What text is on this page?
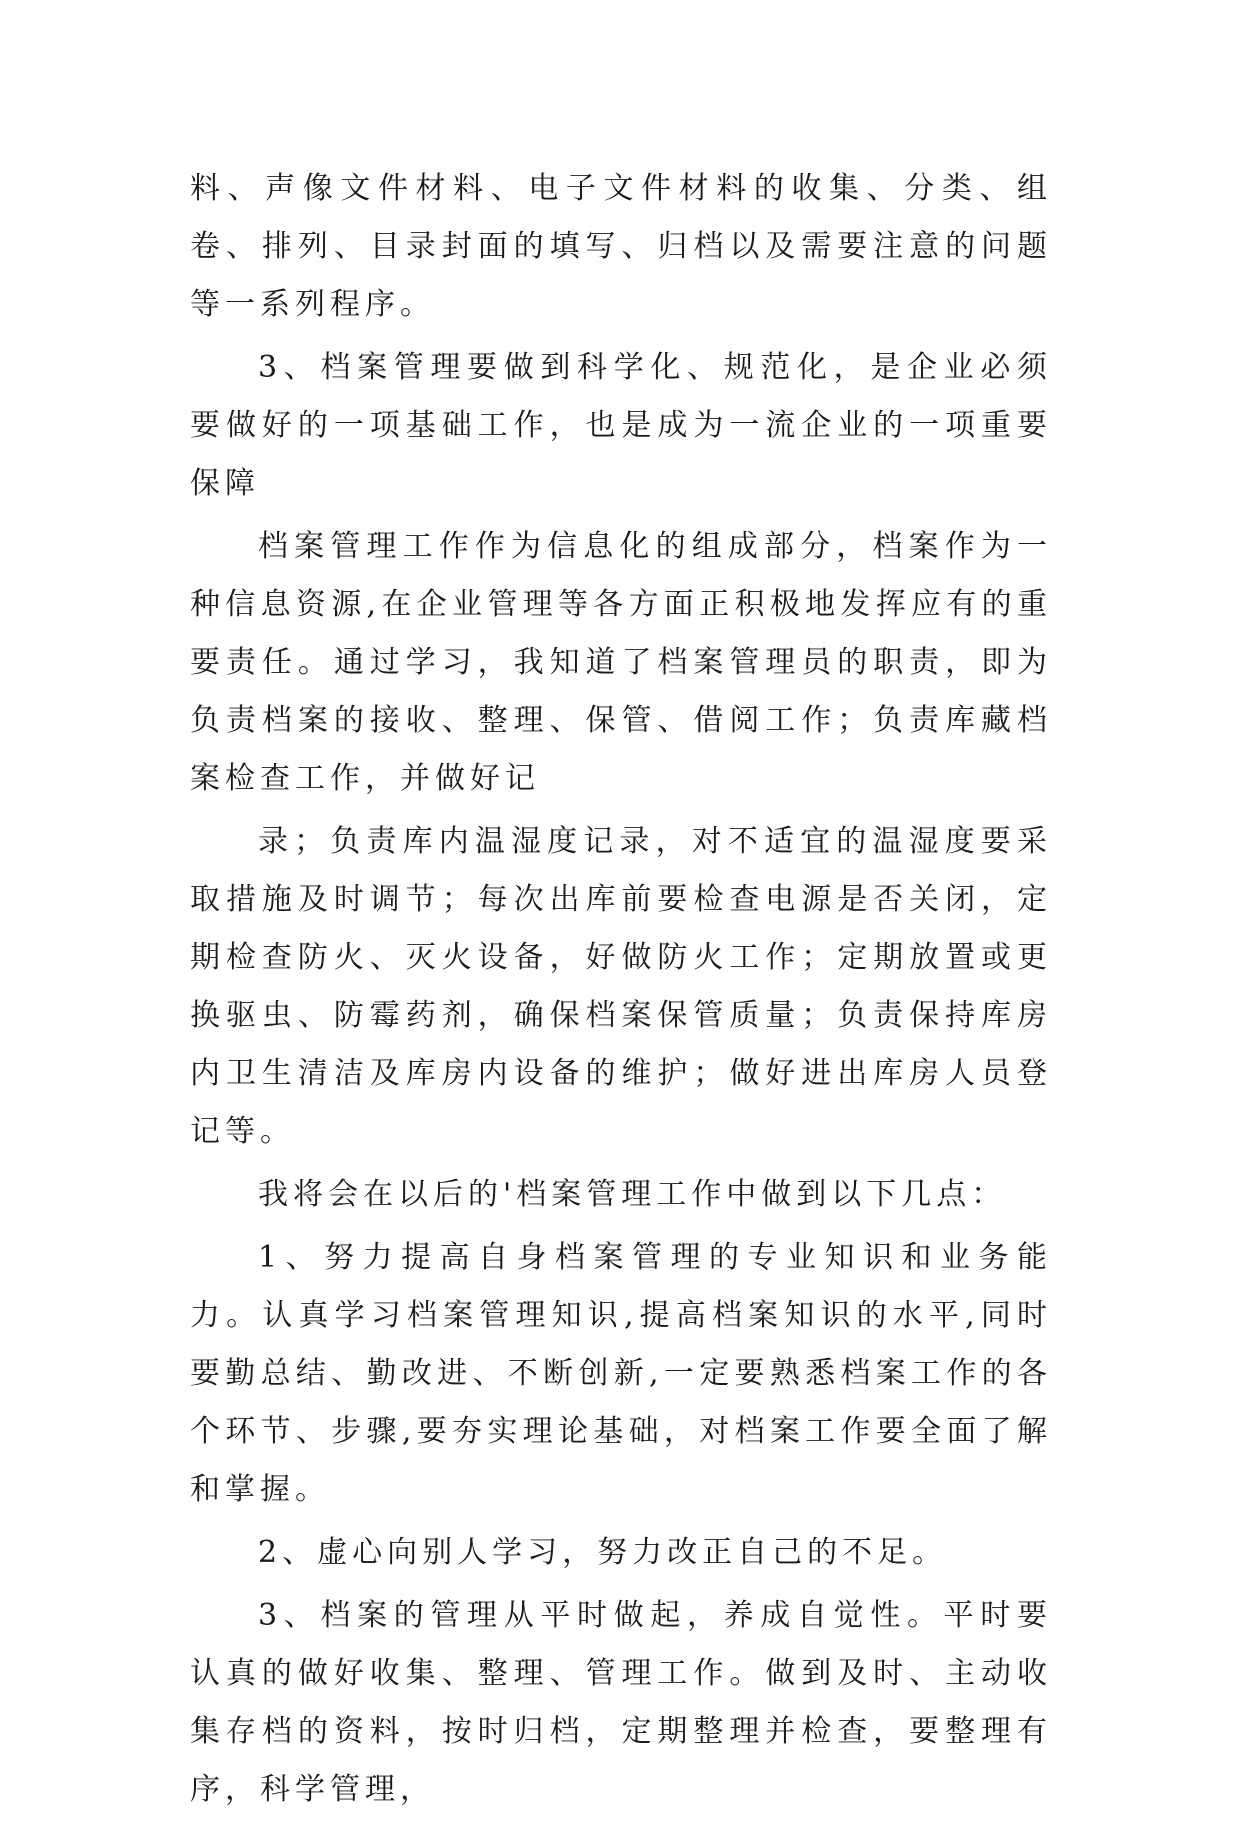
料、声像文件材料、电子文件材料的收集、分类、组卷、排列、目录封面的填写、归档以及需要注意的问题等一系列程序。

3、档案管理要做到科学化、规范化，是企业必须要做好的一项基础工作，也是成为一流企业的一项重要保障

档案管理工作作为信息化的组成部分，档案作为一种信息资源,在企业管理等各方面正积极地发挥应有的重要责任。通过学习，我知道了档案管理员的职责，即为负责档案的接收、整理、保管、借阅工作；负责库藏档案检查工作，并做好记

录；负责库内温湿度记录，对不适宜的温湿度要采取措施及时调节；每次出库前要检查电源是否关闭，定期检查防火、灭火设备，好做防火工作；定期放置或更换驱虫、防霉药剂，确保档案保管质量；负责保持库房内卫生清洁及库房内设备的维护；做好进出库房人员登记等。

我将会在以后的'档案管理工作中做到以下几点：

1、努力提高自身档案管理的专业知识和业务能力。认真学习档案管理知识,提高档案知识的水平,同时要勤总结、勤改进、不断创新,一定要熟悉档案工作的各个环节、步骤,要夯实理论基础，对档案工作要全面了解和掌握。

2、虚心向别人学习，努力改正自己的不足。

3、档案的管理从平时做起，养成自觉性。平时要认真的做好收集、整理、管理工作。做到及时、主动收集存档的资料，按时归档，定期整理并检查，要整理有序，科学管理，
